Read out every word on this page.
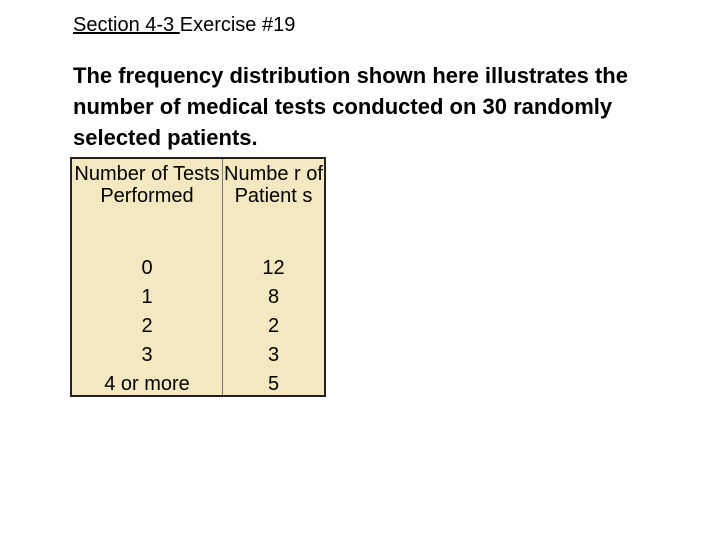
Section 4-3 Exercise #19
The frequency distribution shown here illustrates the number of medical tests conducted on 30 randomly selected patients.
Number of Tests Performed
0
1
2
3
4 or more
Numbe r of Patient s
12
8
2
3
5
